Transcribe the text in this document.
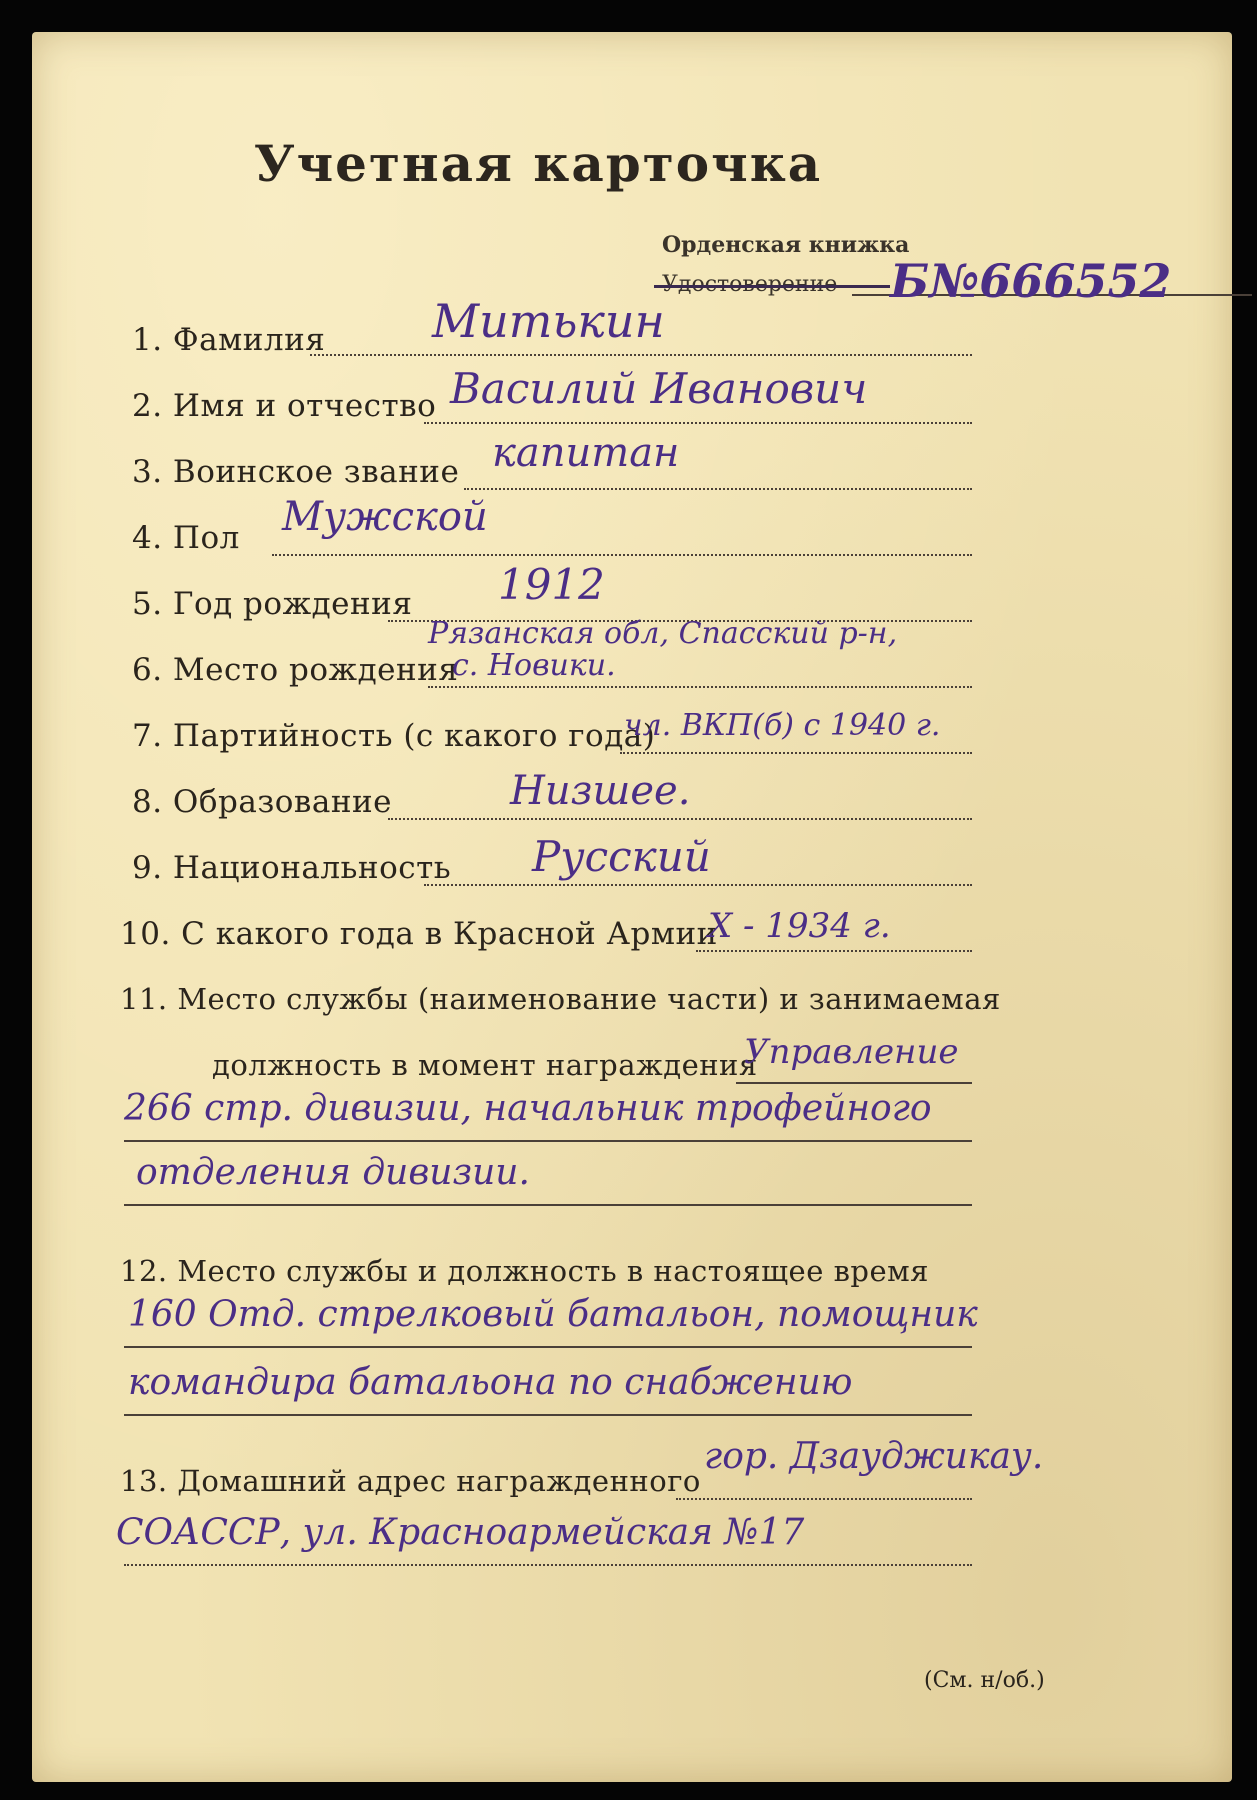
Учетная карточка
Орденская книжка
Б№666552
1. Фамилия Митькин
2. Имя и отчество Василий Иванович
3. Воинское звание капитан
4. Пол Мужской
5. Год рождения 1912
Рязанская обл, Спасский р-н,
6. Место рождения
с. Новики.
7. Партийность (с какого года)
чл. ВКП(б) с 1940 г.
8. Образование	Низшее.
9. Национальность Русский
10. С какого года в Красной Армии
X - 1934 г.
11. Место службы (наименование части) и занимаемая
должность в момент награждения
Управление
266 стр. дивизии, начальник трофейного
отделения дивизии.
12. Место службы и должность в настоящее время
160 Отд. стрелковый батальон, помощник
командира батальона по снабжению
13. Домашний адрес награжденного
гор. Дзауджикау.
СОАССР, ул. Красноармейская №17
(См. н/об.)
